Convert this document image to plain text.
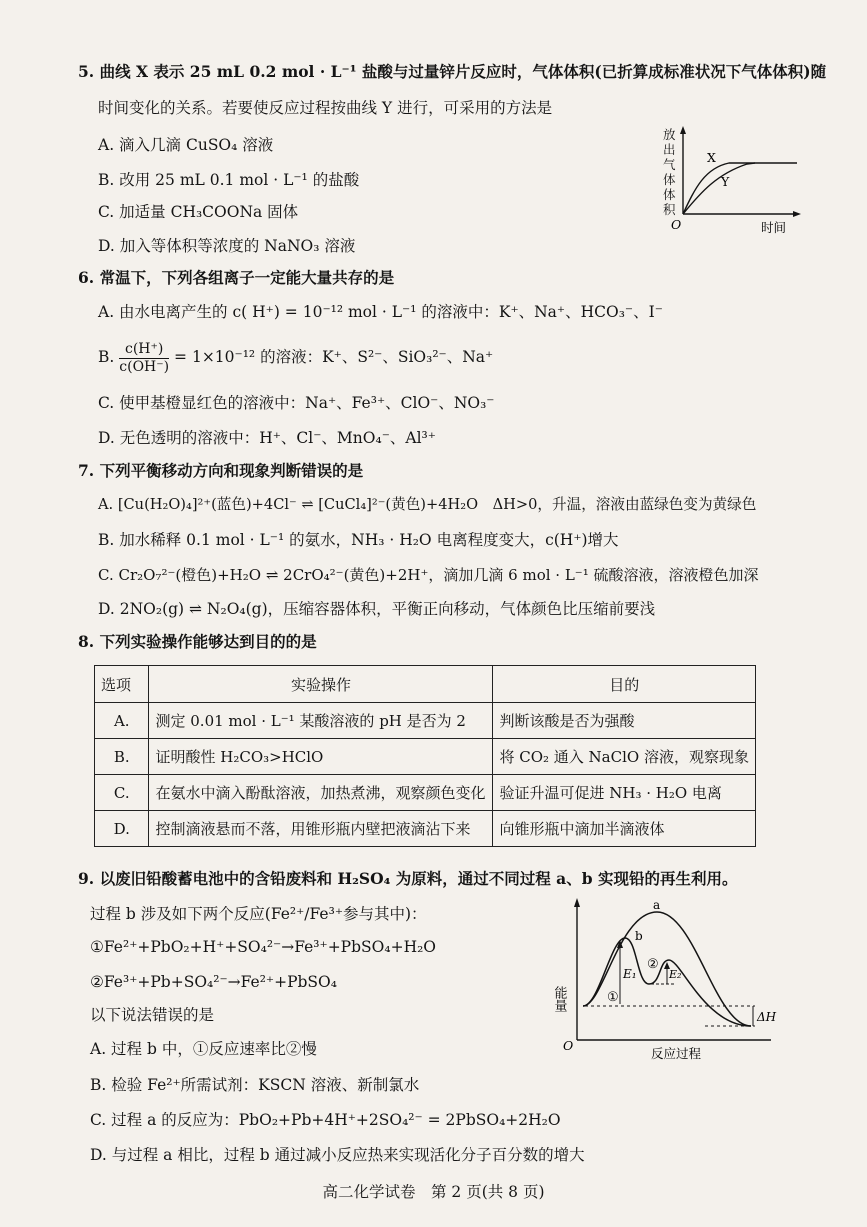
5. 曲线 X 表示 25 mL 0.2 mol · L⁻¹ 盐酸与过量锌片反应时，气体体积(已折算成标准状况下气体体积)随
时间变化的关系。若要使反应过程按曲线 Y 进行，可采用的方法是
A. 滴入几滴 CuSO₄ 溶液
B. 改用 25 mL 0.1 mol · L⁻¹ 的盐酸
C. 加适量 CH₃COONa 固体
D. 加入等体积等浓度的 NaNO₃ 溶液
放
出
气
体
体
积
X
Y
O	时间
6. 常温下，下列各组离子一定能大量共存的是
A. 由水电离产生的 c( H⁺) = 10⁻¹² mol · L⁻¹ 的溶液中：K⁺、Na⁺、HCO₃⁻、I⁻
B. $\frac{c(H^+)}{c(OH^-)} = 1\times 10^{-12}$ 的溶液：K⁺、S²⁻、SiO₃²⁻、Na⁺
C. 使甲基橙显红色的溶液中：Na⁺、Fe³⁺、ClO⁻、NO₃⁻
D. 无色透明的溶液中：H⁺、Cl⁻、MnO₄⁻、Al³⁺
7. 下列平衡移动方向和现象判断错误的是
A. [Cu(H₂O)₄]²⁺(蓝色)+4Cl⁻ ⇌ [CuCl₄]²⁻(黄色)+4H₂O　ΔH>0，升温，溶液由蓝绿色变为黄绿色
B. 加水稀释 0.1 mol · L⁻¹ 的氨水，NH₃ · H₂O 电离程度变大，c(H⁺)增大
C. Cr₂O₇²⁻(橙色)+H₂O ⇌ 2CrO₄²⁻(黄色)+2H⁺，滴加几滴 6 mol · L⁻¹ 硫酸溶液，溶液橙色加深
D. 2NO₂(g) ⇌ N₂O₄(g)，压缩容器体积，平衡正向移动，气体颜色比压缩前要浅
8. 下列实验操作能够达到目的的是
选项	实验操作	目的
A.	测定 0.01 mol · L⁻¹ 某酸溶液的 pH 是否为 2	判断该酸是否为强酸
B.	证明酸性 H₂CO₃>HClO	将 CO₂ 通入 NaClO 溶液，观察现象
C.	在氨水中滴入酚酞溶液，加热煮沸，观察颜色变化	验证升温可促进 NH₃ · H₂O 电离
D.	控制滴液悬而不落，用锥形瓶内壁把液滴沾下来	向锥形瓶中滴加半滴液体
9. 以废旧铅酸蓄电池中的含铅废料和 H₂SO₄ 为原料，通过不同过程 a、b 实现铅的再生利用。
过程 b 涉及如下两个反应(Fe²⁺/Fe³⁺参与其中)：
①Fe²⁺+PbO₂+H⁺+SO₄²⁻→Fe³⁺+PbSO₄+H₂O
②Fe³⁺+Pb+SO₄²⁻→Fe²⁺+PbSO₄
以下说法错误的是
A. 过程 b 中，①反应速率比②慢
B. 检验 Fe²⁺所需试剂：KSCN 溶液、新制氯水
C. 过程 a 的反应为：PbO₂+Pb+4H⁺+2SO₄²⁻ = 2PbSO₄+2H₂O
D. 与过程 a 相比，过程 b 通过减小反应热来实现活化分子百分数的增大
能量
O
反应过程
a
b
E₁	E₂
①
②
ΔH
高二化学试卷　第 2 页(共 8 页)
